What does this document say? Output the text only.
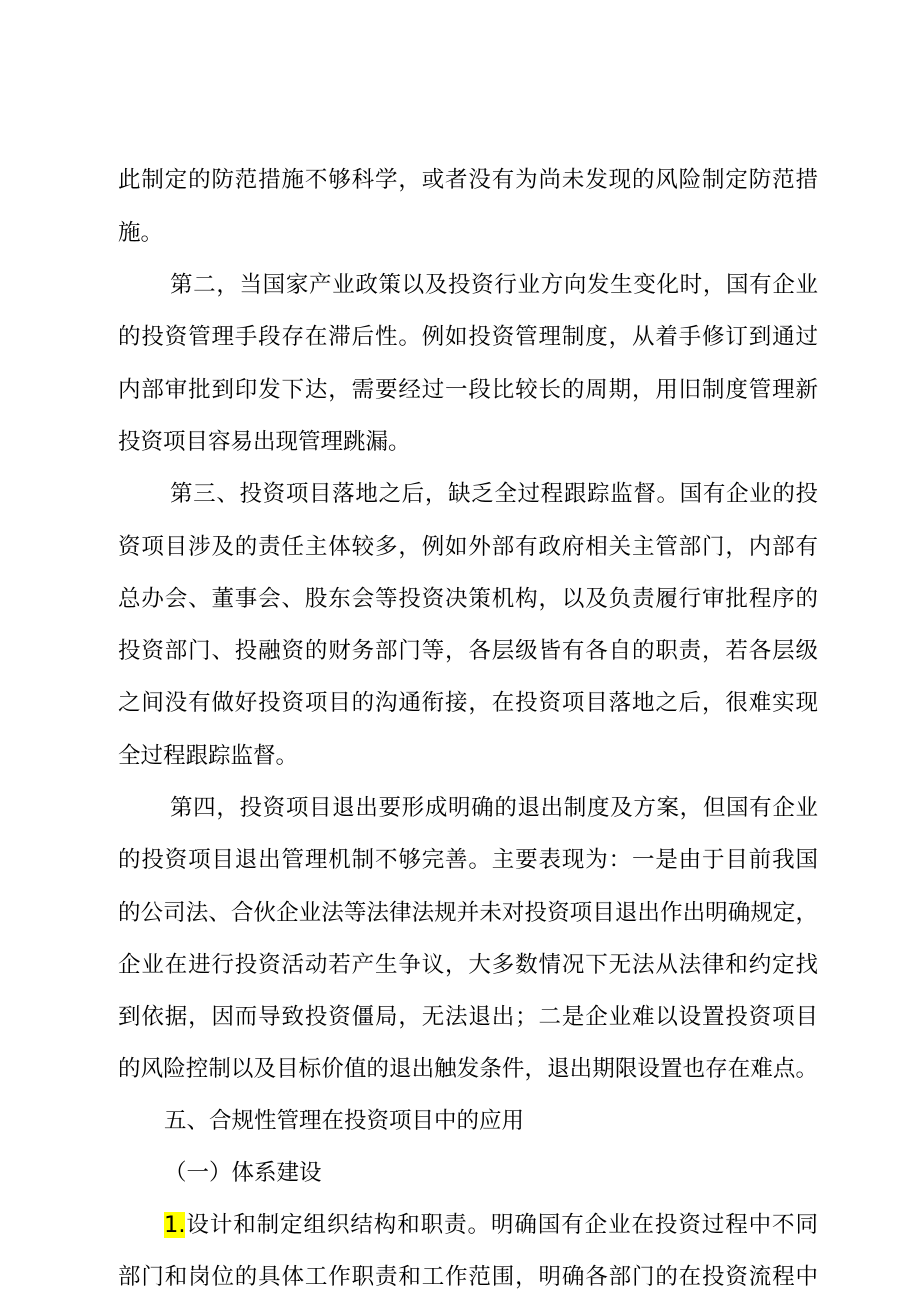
此制定的防范措施不够科学，或者没有为尚未发现的风险制定防范措
施。
第二，当国家产业政策以及投资行业方向发生变化时，国有企业
的投资管理手段存在滞后性。例如投资管理制度，从着手修订到通过
内部审批到印发下达，需要经过一段比较长的周期，用旧制度管理新
投资项目容易出现管理跳漏。
第三、投资项目落地之后，缺乏全过程跟踪监督。国有企业的投
资项目涉及的责任主体较多，例如外部有政府相关主管部门，内部有
总办会、董事会、股东会等投资决策机构，以及负责履行审批程序的
投资部门、投融资的财务部门等，各层级皆有各自的职责，若各层级
之间没有做好投资项目的沟通衔接，在投资项目落地之后，很难实现
全过程跟踪监督。
第四，投资项目退出要形成明确的退出制度及方案，但国有企业
的投资项目退出管理机制不够完善。主要表现为：一是由于目前我国
的公司法、合伙企业法等法律法规并未对投资项目退出作出明确规定，
企业在进行投资活动若产生争议，大多数情况下无法从法律和约定找
到依据，因而导致投资僵局，无法退出；二是企业难以设置投资项目
的风险控制以及目标价值的退出触发条件，退出期限设置也存在难点。
五、合规性管理在投资项目中的应用
（一）体系建设
1.设计和制定组织结构和职责。明确国有企业在投资过程中不同
部门和岗位的具体工作职责和工作范围，明确各部门的在投资流程中
